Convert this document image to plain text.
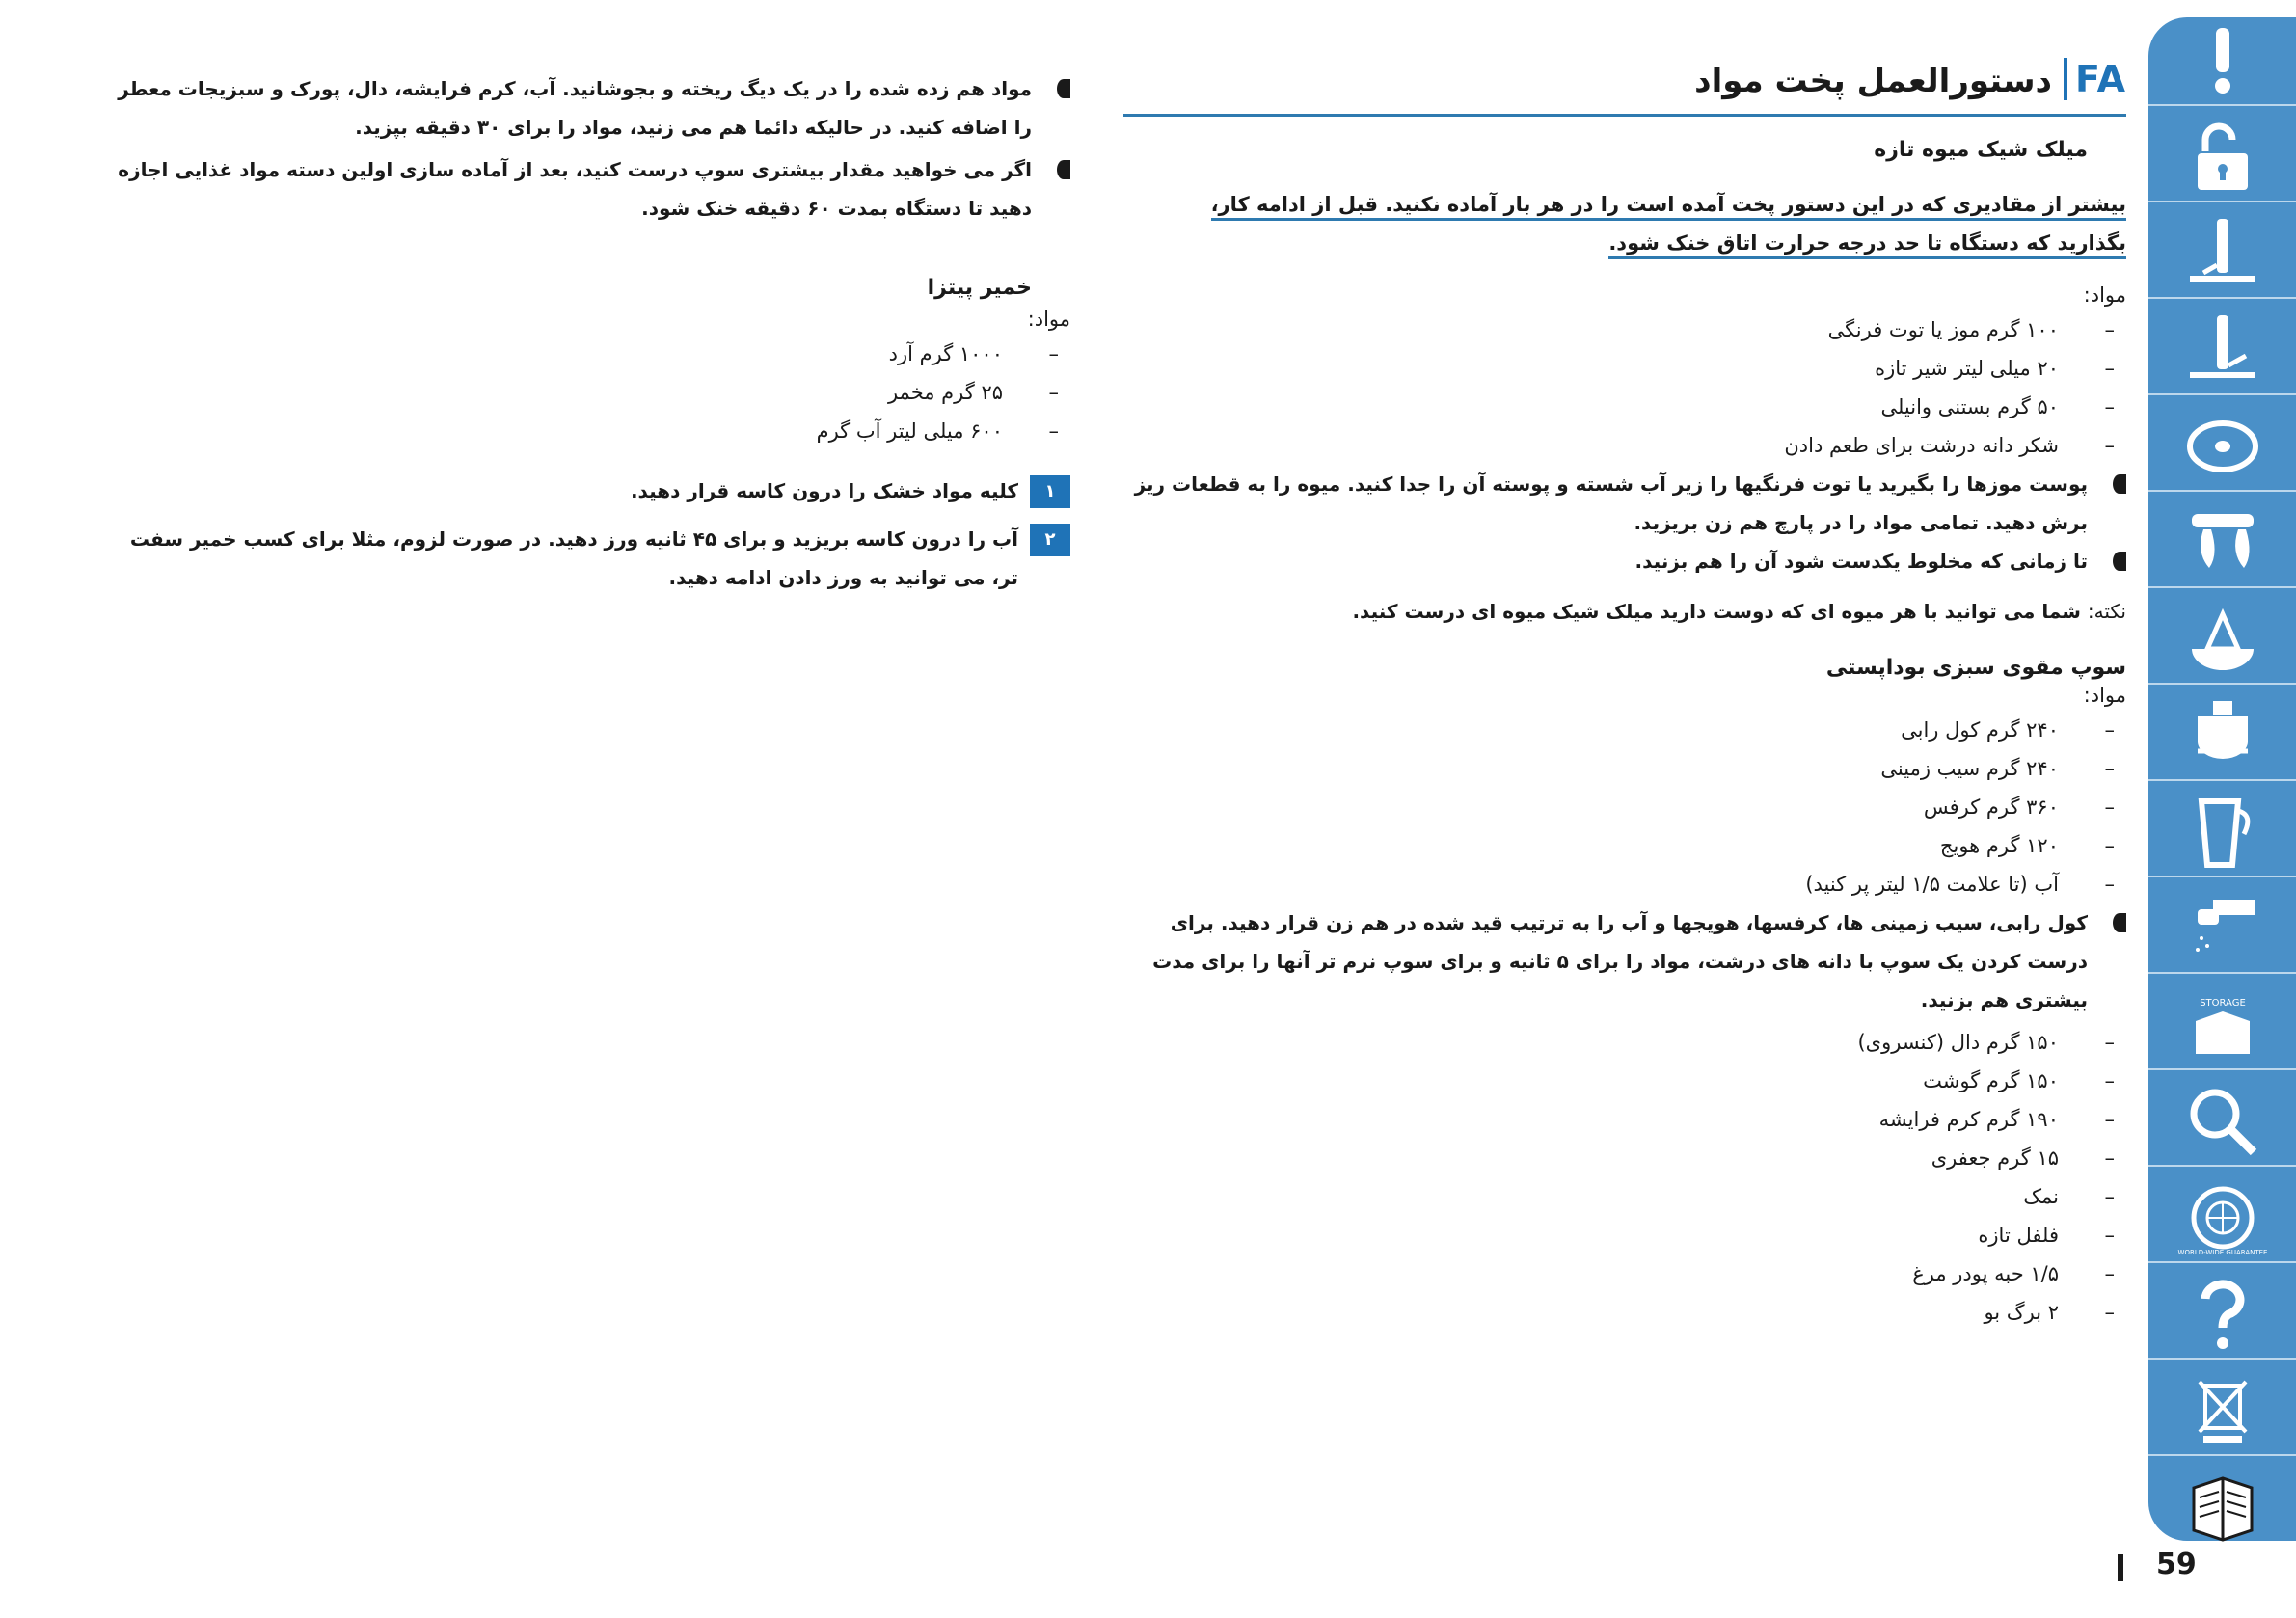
دستورالعمل پخت مواد FA
میلک شیک میوه تازه
بیشتر از مقادیری که در این دستور پخت آمده است را در هر بار آماده نکنید. قبل از ادامه کار،
بگذارید که دستگاه تا حد درجه حرارت اتاق خنک شود.
مواد:
– ۱۰۰ گرم موز یا توت فرنگی
– ۲۰ میلی لیتر شیر تازه
– ۵۰ گرم بستنی وانیلی
– شکر دانه درشت برای طعم دادن
پوست موزها را بگیرید یا توت فرنگیها را زیر آب شسته و پوسته آن را جدا کنید. میوه را به قطعات ریز برش دهید. تمامی مواد را در پارچ هم زن بریزید.
تا زمانی که مخلوط یکدست شود آن را هم بزنید.
نکته: شما می توانید با هر میوه ای که دوست دارید میلک شیک میوه ای درست کنید.
سوپ مقوی سبزی بوداپستی
مواد:
– ۲۴۰ گرم کول رابی
– ۲۴۰ گرم سیب زمینی
– ۳۶۰ گرم کرفس
– ۱۲۰ گرم هویج
– آب (تا علامت ۱/۵ لیتر پر کنید)
کول رابی، سیب زمینی ها، کرفسها، هویجها و آب را به ترتیب قید شده در هم زن قرار دهید. برای درست کردن یک سوپ با دانه های درشت، مواد را برای ۵ ثانیه و برای سوپ نرم تر آنها را برای مدت بیشتری هم بزنید.
– ۱۵۰ گرم دال (کنسروی)
– ۱۵۰ گرم گوشت
– ۱۹۰ گرم کرم فرایشه
– ۱۵ گرم جعفری
– نمک
– فلفل تازه
– ۱/۵ حبه پودر مرغ
– ۲ برگ بو
مواد هم زده شده را در یک دیگ ریخته و بجوشانید. آب، کرم فرایشه، دال، پورک و سبزیجات معطر را اضافه کنید. در حالیکه دائما هم می زنید، مواد را برای ۳۰ دقیقه بپزید.
اگر می خواهید مقدار بیشتری سوپ درست کنید، بعد از آماده سازی اولین دسته مواد غذایی اجازه دهید تا دستگاه بمدت ۶۰ دقیقه خنک شود.
خمیر پیتزا
مواد:
– ۱۰۰۰ گرم آرد
– ۲۵ گرم مخمر
– ۶۰۰ میلی لیتر آب گرم
۱
کلیه مواد خشک را درون کاسه قرار دهید.
۲
آب را درون کاسه بریزید و برای ۴۵ ثانیه ورز دهید. در صورت لزوم، مثلا برای کسب خمیر سفت تر، می توانید به ورز دادن ادامه دهید.
STORAGE
WORLD-WIDE GUARANTEE
59
